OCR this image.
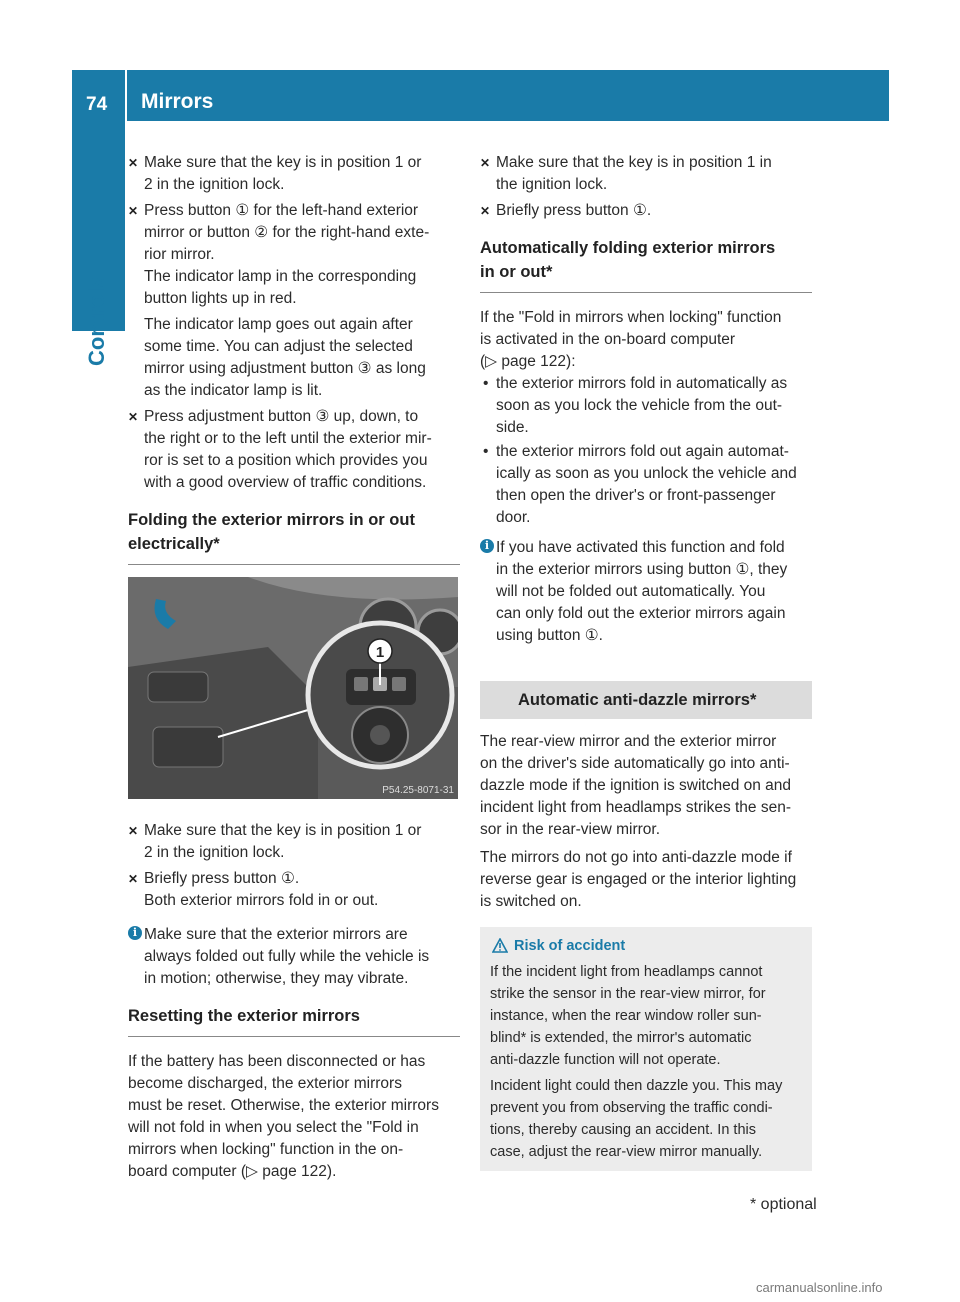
74 Mirrors
Controls
✕ Make sure that the key is in position 1 or
2 in the ignition lock.
✕ Press button ① for the left-hand exterior
mirror or button ② for the right-hand exte-
rior mirror.
The indicator lamp in the corresponding
button lights up in red.
The indicator lamp goes out again after
some time. You can adjust the selected
mirror using adjustment button ③ as long
as the indicator lamp is lit.
✕ Press adjustment button ③ up, down, to
the right or to the left until the exterior mir-
ror is set to a position which provides you
with a good overview of traffic conditions.
Folding the exterior mirrors in or out
electrically*
1
P54.25-8071-31
✕ Make sure that the key is in position 1 or
2 in the ignition lock.
✕ Briefly press button ①.
Both exterior mirrors fold in or out.
i Make sure that the exterior mirrors are
always folded out fully while the vehicle is
in motion; otherwise, they may vibrate.
Resetting the exterior mirrors
If the battery has been disconnected or has
become discharged, the exterior mirrors
must be reset. Otherwise, the exterior mirrors
will not fold in when you select the "Fold in
mirrors when locking" function in the on-
board computer (▷ page 122).
✕ Make sure that the key is in position 1 in
the ignition lock.
✕ Briefly press button ①.
Automatically folding exterior mirrors
in or out*
If the "Fold in mirrors when locking" function
is activated in the on-board computer
(▷ page 122):
• the exterior mirrors fold in automatically as
soon as you lock the vehicle from the out-
side.
• the exterior mirrors fold out again automat-
ically as soon as you unlock the vehicle and
then open the driver's or front-passenger
door.
i If you have activated this function and fold
in the exterior mirrors using button ①, they
will not be folded out automatically. You
can only fold out the exterior mirrors again
using button ①.
Automatic anti-dazzle mirrors*
The rear-view mirror and the exterior mirror
on the driver's side automatically go into anti-
dazzle mode if the ignition is switched on and
incident light from headlamps strikes the sen-
sor in the rear-view mirror.
The mirrors do not go into anti-dazzle mode if
reverse gear is engaged or the interior lighting
is switched on.
Risk of accident
If the incident light from headlamps cannot
strike the sensor in the rear-view mirror, for
instance, when the rear window roller sun-
blind* is extended, the mirror's automatic
anti-dazzle function will not operate.
Incident light could then dazzle you. This may
prevent you from observing the traffic condi-
tions, thereby causing an accident. In this
case, adjust the rear-view mirror manually.
* optional
carmanualsonline.info
